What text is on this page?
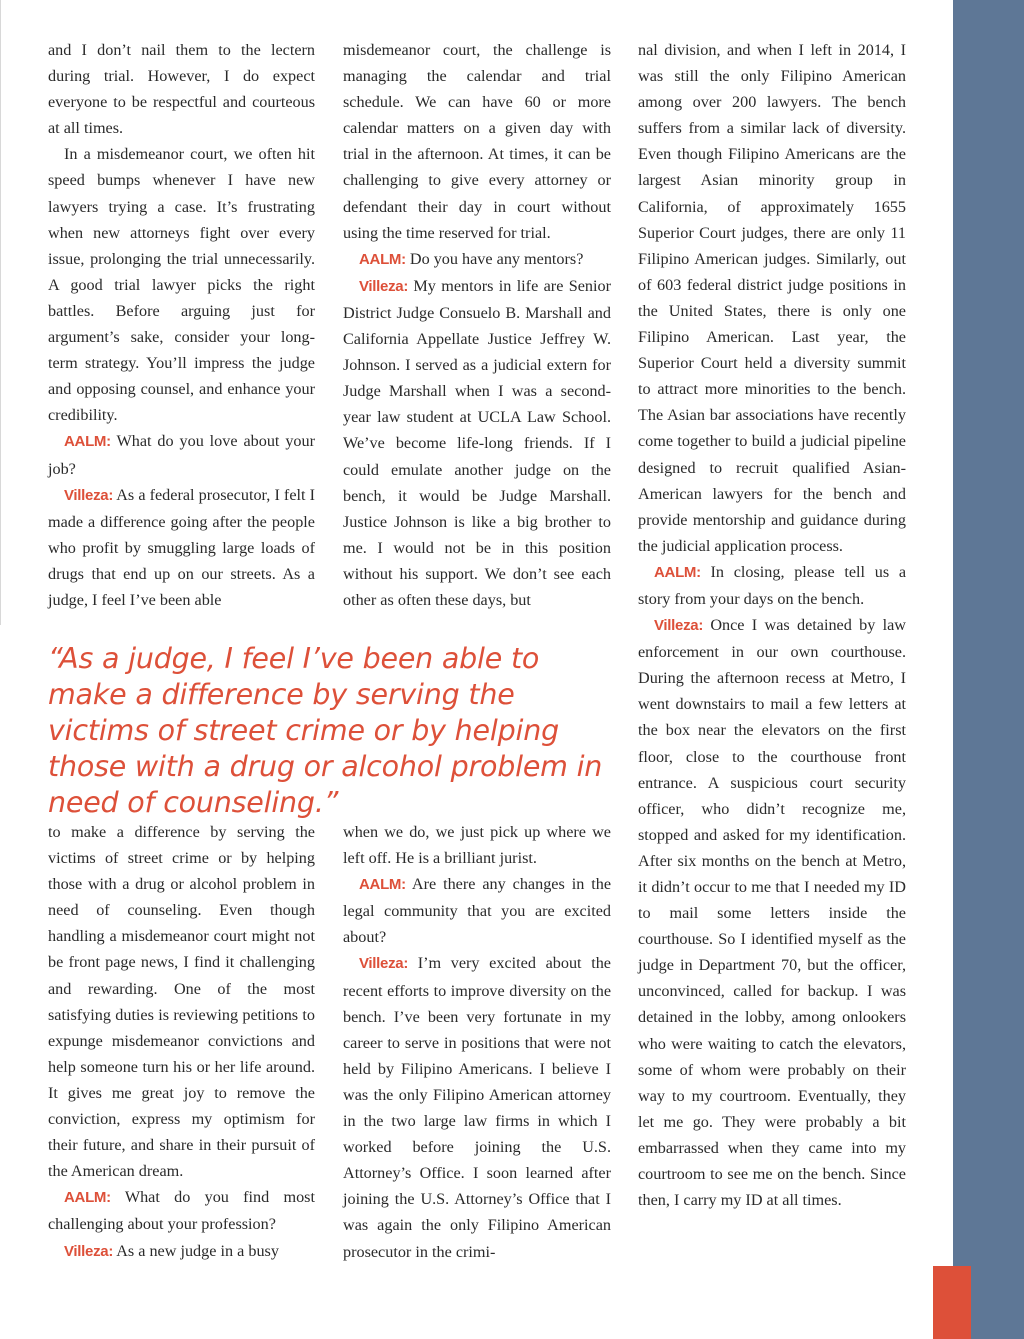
and I don’t nail them to the lectern during trial. However, I do expect everyone to be respectful and courteous at all times.

In a misdemeanor court, we often hit speed bumps whenever I have new lawyers trying a case. It’s frustrating when new attorneys fight over every issue, prolonging the trial unnecessarily. A good trial lawyer picks the right battles. Before arguing just for argument’s sake, consider your long-term strategy. You’ll impress the judge and opposing counsel, and enhance your credibility.

AALM: What do you love about your job?

Villeza: As a federal prosecutor, I felt I made a difference going after the people who profit by smuggling large loads of drugs that end up on our streets. As a judge, I feel I’ve been able

misdemeanor court, the challenge is managing the calendar and trial schedule. We can have 60 or more calendar matters on a given day with trial in the afternoon. At times, it can be challenging to give every attorney or defendant their day in court without using the time reserved for trial.

AALM: Do you have any mentors?

Villeza: My mentors in life are Senior District Judge Consuelo B. Marshall and California Appellate Justice Jeffrey W. Johnson. I served as a judicial extern for Judge Marshall when I was a second-year law student at UCLA Law School. We’ve become life-long friends. If I could emulate another judge on the bench, it would be Judge Marshall. Justice Johnson is like a big brother to me. I would not be in this position without his support. We don’t see each other as often these days, but

“As a judge, I feel I’ve been able to make a difference by serving the victims of street crime or by helping those with a drug or alcohol problem in need of counseling.”

to make a difference by serving the victims of street crime or by helping those with a drug or alcohol problem in need of counseling. Even though handling a misdemeanor court might not be front page news, I find it challenging and rewarding. One of the most satisfying duties is reviewing petitions to expunge misdemeanor convictions and help someone turn his or her life around. It gives me great joy to remove the conviction, express my optimism for their future, and share in their pursuit of the American dream.

AALM: What do you find most challenging about your profession?

Villeza: As a new judge in a busy

when we do, we just pick up where we left off. He is a brilliant jurist.

AALM: Are there any changes in the legal community that you are excited about?

Villeza: I’m very excited about the recent efforts to improve diversity on the bench. I’ve been very fortunate in my career to serve in positions that were not held by Filipino Americans. I believe I was the only Filipino American attorney in the two large law firms in which I worked before joining the U.S. Attorney’s Office. I soon learned after joining the U.S. Attorney’s Office that I was again the only Filipino American prosecutor in the crimi-

nal division, and when I left in 2014, I was still the only Filipino American among over 200 lawyers. The bench suffers from a similar lack of diversity. Even though Filipino Americans are the largest Asian minority group in California, of approximately 1655 Superior Court judges, there are only 11 Filipino American judges. Similarly, out of 603 federal district judge positions in the United States, there is only one Filipino American. Last year, the Superior Court held a diversity summit to attract more minorities to the bench. The Asian bar associations have recently come together to build a judicial pipeline designed to recruit qualified Asian-American lawyers for the bench and provide mentorship and guidance during the judicial application process.

AALM: In closing, please tell us a story from your days on the bench.

Villeza: Once I was detained by law enforcement in our own courthouse. During the afternoon recess at Metro, I went downstairs to mail a few letters at the box near the elevators on the first floor, close to the courthouse front entrance. A suspicious court security officer, who didn’t recognize me, stopped and asked for my identification. After six months on the bench at Metro, it didn’t occur to me that I needed my ID to mail some letters inside the courthouse. So I identified myself as the judge in Department 70, but the officer, unconvinced, called for backup. I was detained in the lobby, among onlookers who were waiting to catch the elevators, some of whom were probably on their way to my courtroom. Eventually, they let me go. They were probably a bit embarrassed when they came into my courtroom to see me on the bench. Since then, I carry my ID at all times.
